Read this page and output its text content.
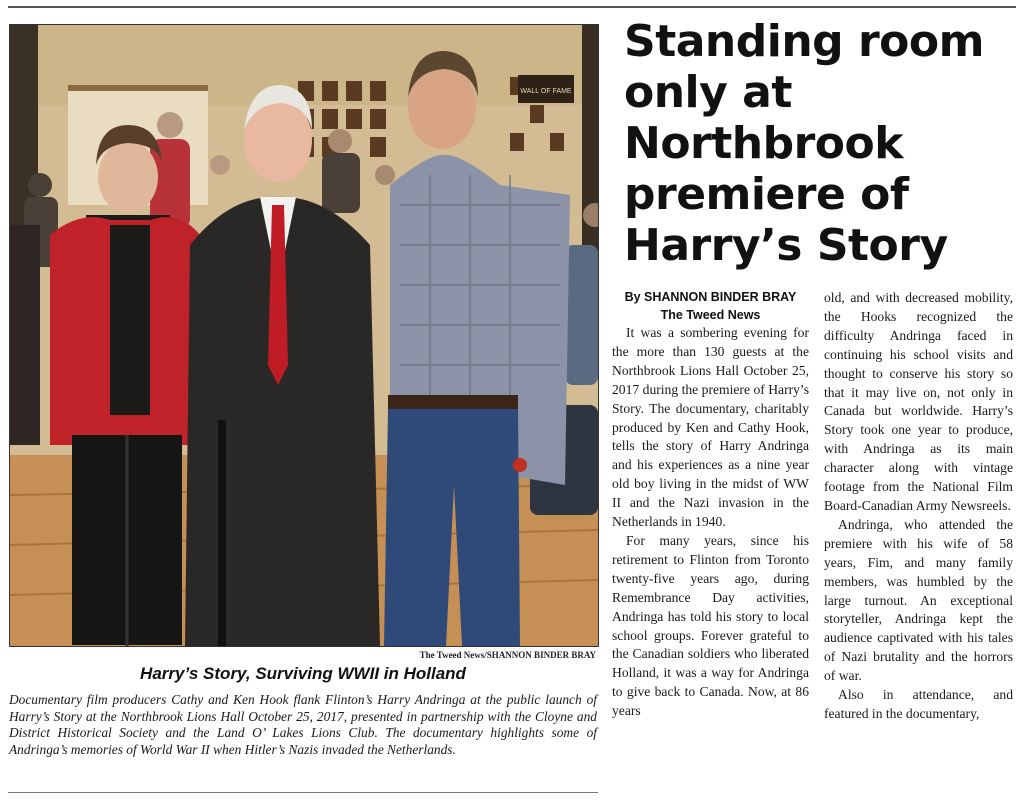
WALL OF FAME
The Tweed News/SHANNON BINDER BRAY
Harry’s Story, Surviving WWII in Holland
Documentary film producers Cathy and Ken Hook flank Flinton’s Harry Andringa at the public launch of Harry’s Story at the Northbrook Lions Hall October 25, 2017, presented in partnership with the Cloyne and District Historical Society and the Land O’ Lakes Lions Club. The documentary highlights some of Andringa’s memories of World War II when Hitler’s Nazis invaded the Netherlands.
Standing room only at Northbrook premiere of Harry’s Story
By SHANNON BINDER BRAY
The Tweed News

It was a sombering evening for the more than 130 guests at the Northbrook Lions Hall October 25, 2017 during the premiere of Harry’s Story. The documentary, charitably produced by Ken and Cathy Hook, tells the story of Harry Andringa and his experiences as a nine year old boy living in the midst of WW II and the Nazi invasion in the Netherlands in 1940.

For many years, since his retirement to Flinton from Toronto twenty-five years ago, during Remembrance Day activities, Andringa has told his story to local school groups. Forever grateful to the Canadian soldiers who liberated Holland, it was a way for Andringa to give back to Canada. Now, at 86 years

old, and with decreased mobility, the Hooks recognized the difficulty Andringa faced in continuing his school visits and thought to conserve his story so that it may live on, not only in Canada but worldwide. Harry’s Story took one year to produce, with Andringa as its main character along with vintage footage from the National Film Board-Canadian Army Newsreels.

Andringa, who attended the premiere with his wife of 58 years, Fim, and many family members, was humbled by the large turnout. An exceptional storyteller, Andringa kept the audience captivated with his tales of Nazi brutality and the horrors of war.

Also in attendance, and featured in the documentary,
